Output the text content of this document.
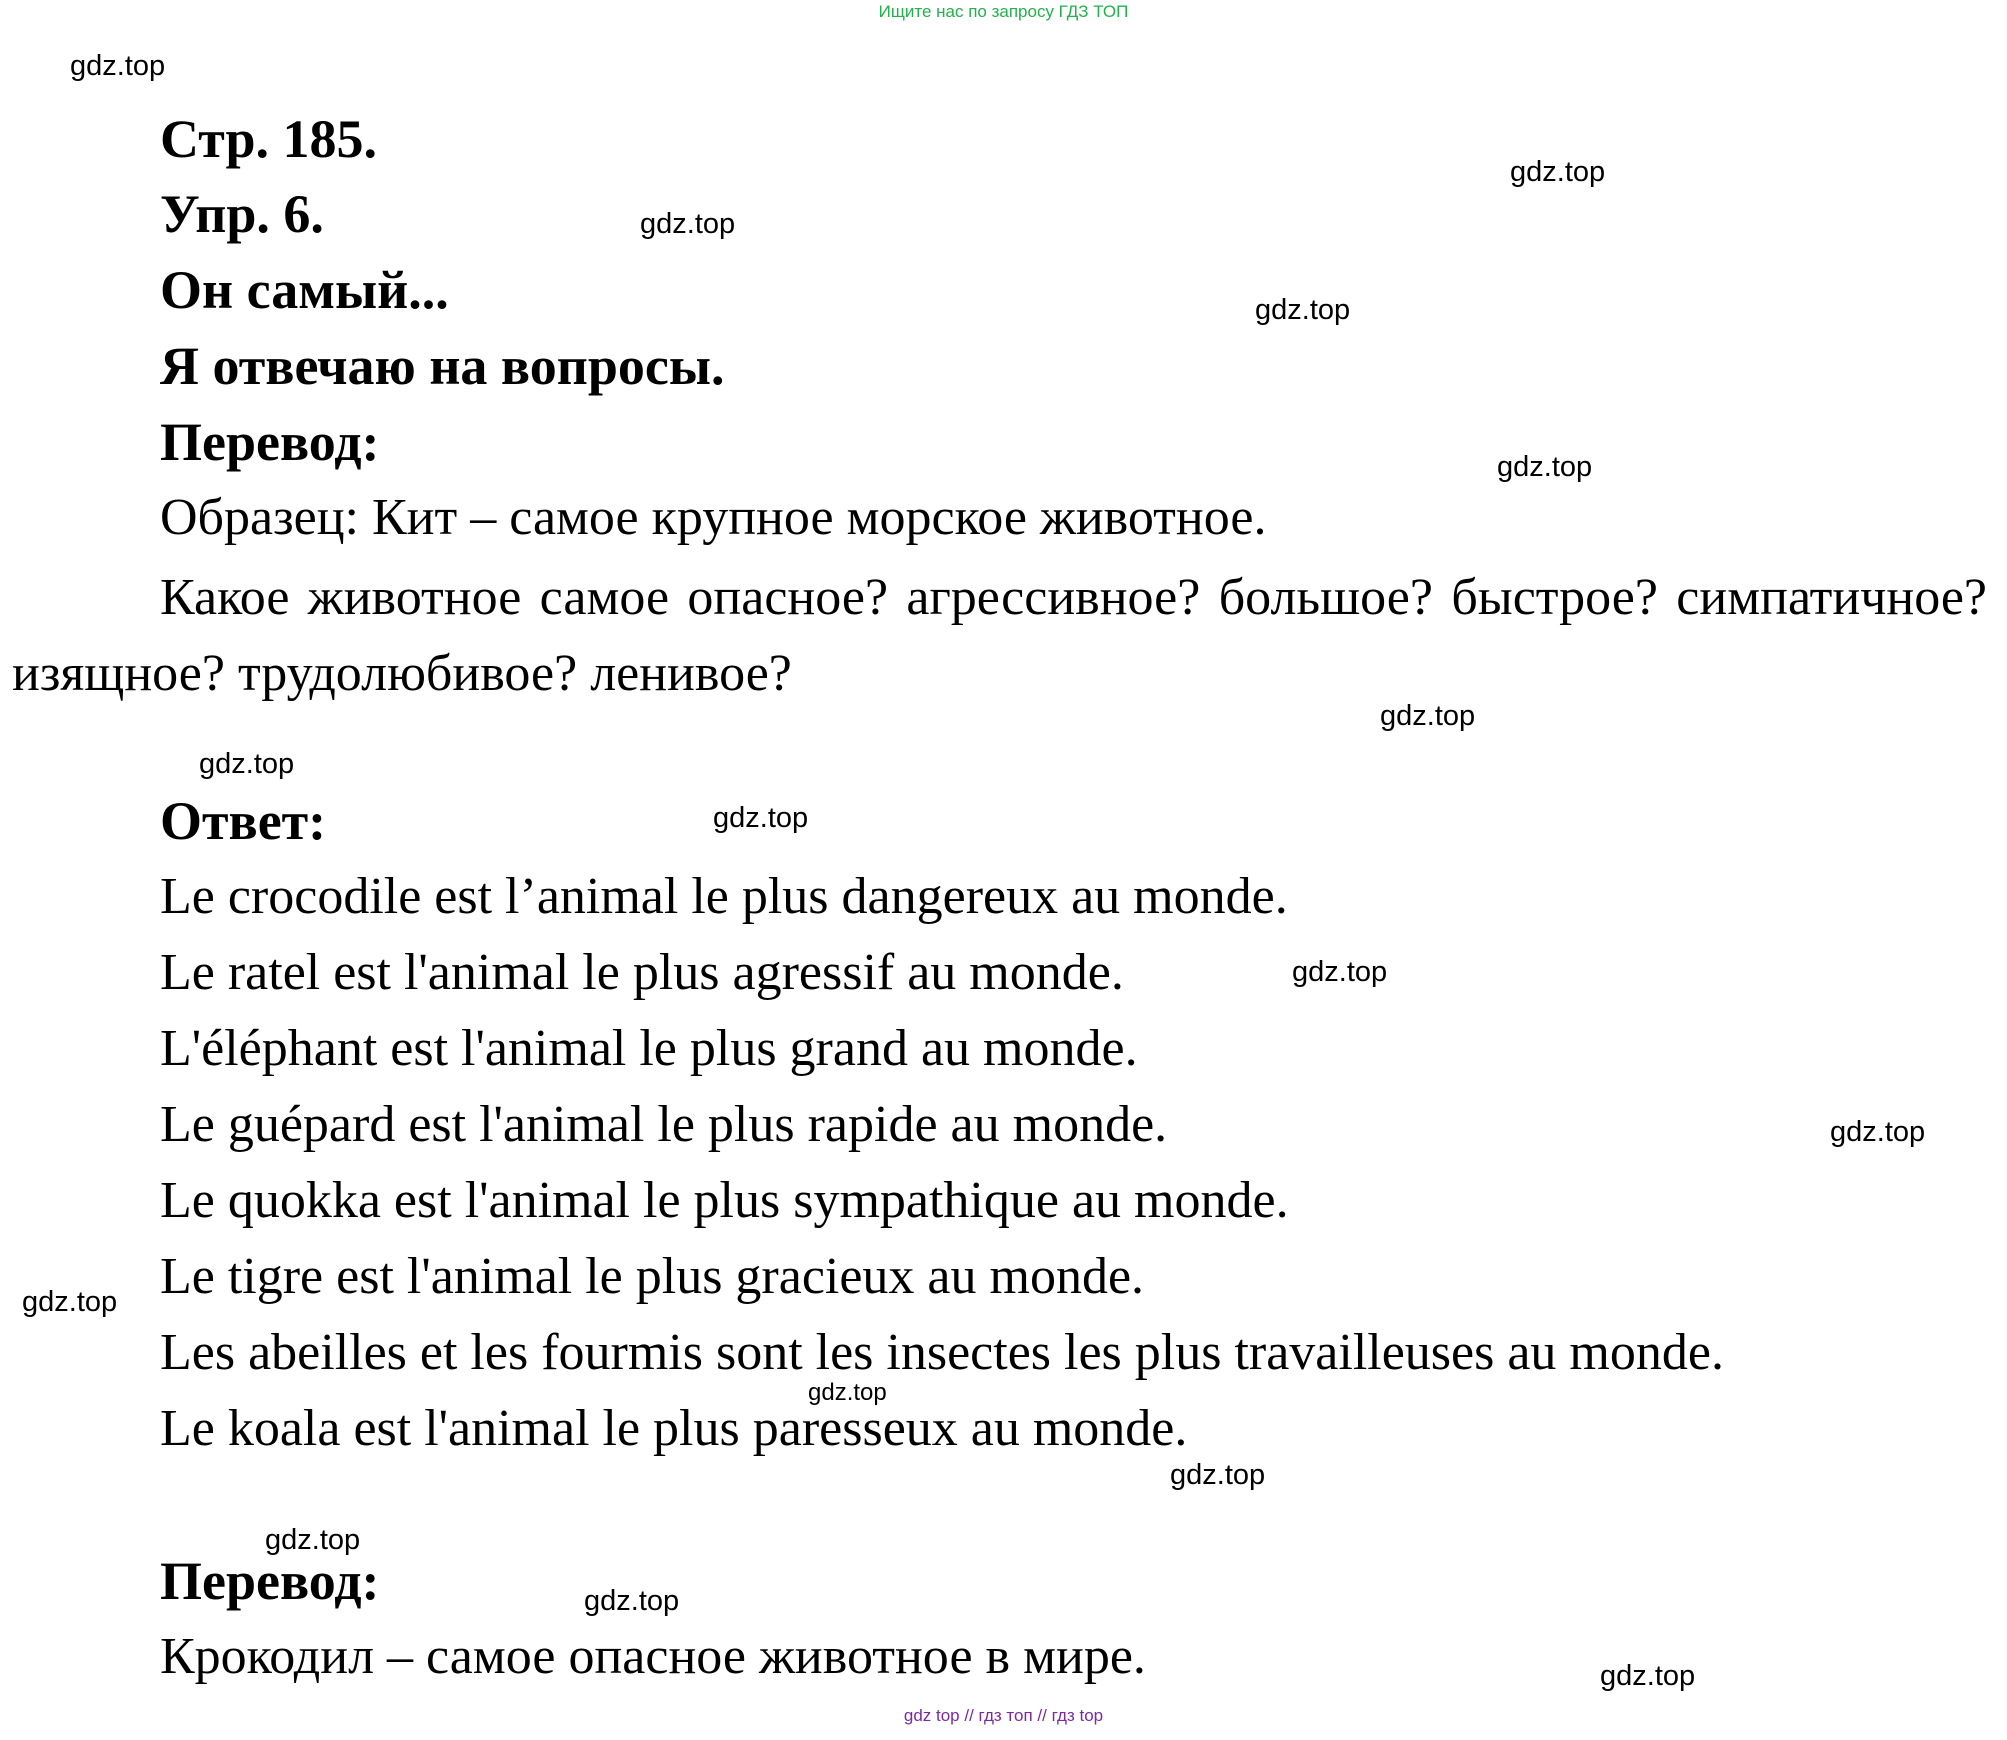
Ищите нас по запросу ГДЗ ТОП
Стр. 185.
Упр. 6.
Он самый...
Я отвечаю на вопросы.
Перевод:
Образец: Кит – самое крупное морское животное.
Какое животное самое опасное? агрессивное? большое? быстрое? симпатичное? изящное? трудолюбивое? ленивое?
Ответ:
Le crocodile est l’animal le plus dangereux au monde.
Le ratel est l'animal le plus agressif au monde.
L'éléphant est l'animal le plus grand au monde.
Le guépard est l'animal le plus rapide au monde.
Le quokka est l'animal le plus sympathique au monde.
Le tigre est l'animal le plus gracieux au monde.
Les abeilles et les fourmis sont les insectes les plus travailleuses au monde.
Le koala est l'animal le plus paresseux au monde.
Перевод:
Крокодил – самое опасное животное в мире.
gdz.top
gdz.top
gdz.top
gdz.top
gdz.top
gdz.top
gdz.top
gdz.top
gdz.top
gdz.top
gdz.top
gdz.top
gdz.top
gdz.top
gdz.top
gdz.top
gdz top // гдз топ // гдз top
